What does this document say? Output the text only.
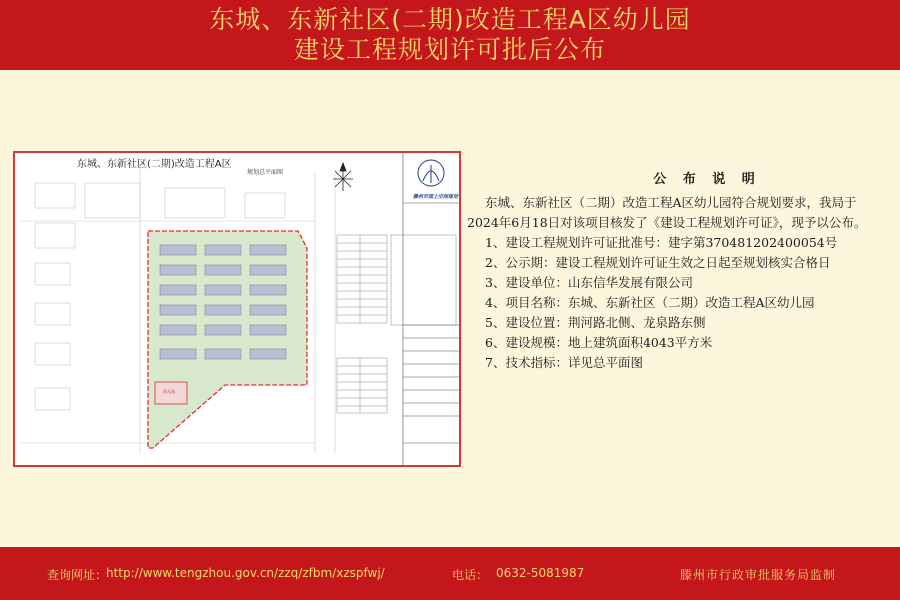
东城、东新社区(二期)改造工程A区幼儿园
建设工程规划许可批后公布
东城、东新社区(二期)改造工程A区
规划总平面图
滕州市国土空间规划
幼儿园
公 布 说 明
东城、东新社区（二期）改造工程A区幼儿园符合规划要求，我局于
2024年6月18日对该项目核发了《建设工程规划许可证》，现予以公布。
1、建设工程规划许可证批准号：建字第370481202400054号
2、公示期：建设工程规划许可证生效之日起至规划核实合格日
3、建设单位：山东信华发展有限公司
4、项目名称：东城、东新社区（二期）改造工程A区幼儿园
5、建设位置：荆河路北侧、龙泉路东侧
6、建设规模：地上建筑面积4043平方米
7、技术指标：详见总平面图
查询网址：
http://www.tengzhou.gov.cn/zzq/zfbm/xzspfwj/	电话： 0632-5081987	滕州市行政审批服务局监制
